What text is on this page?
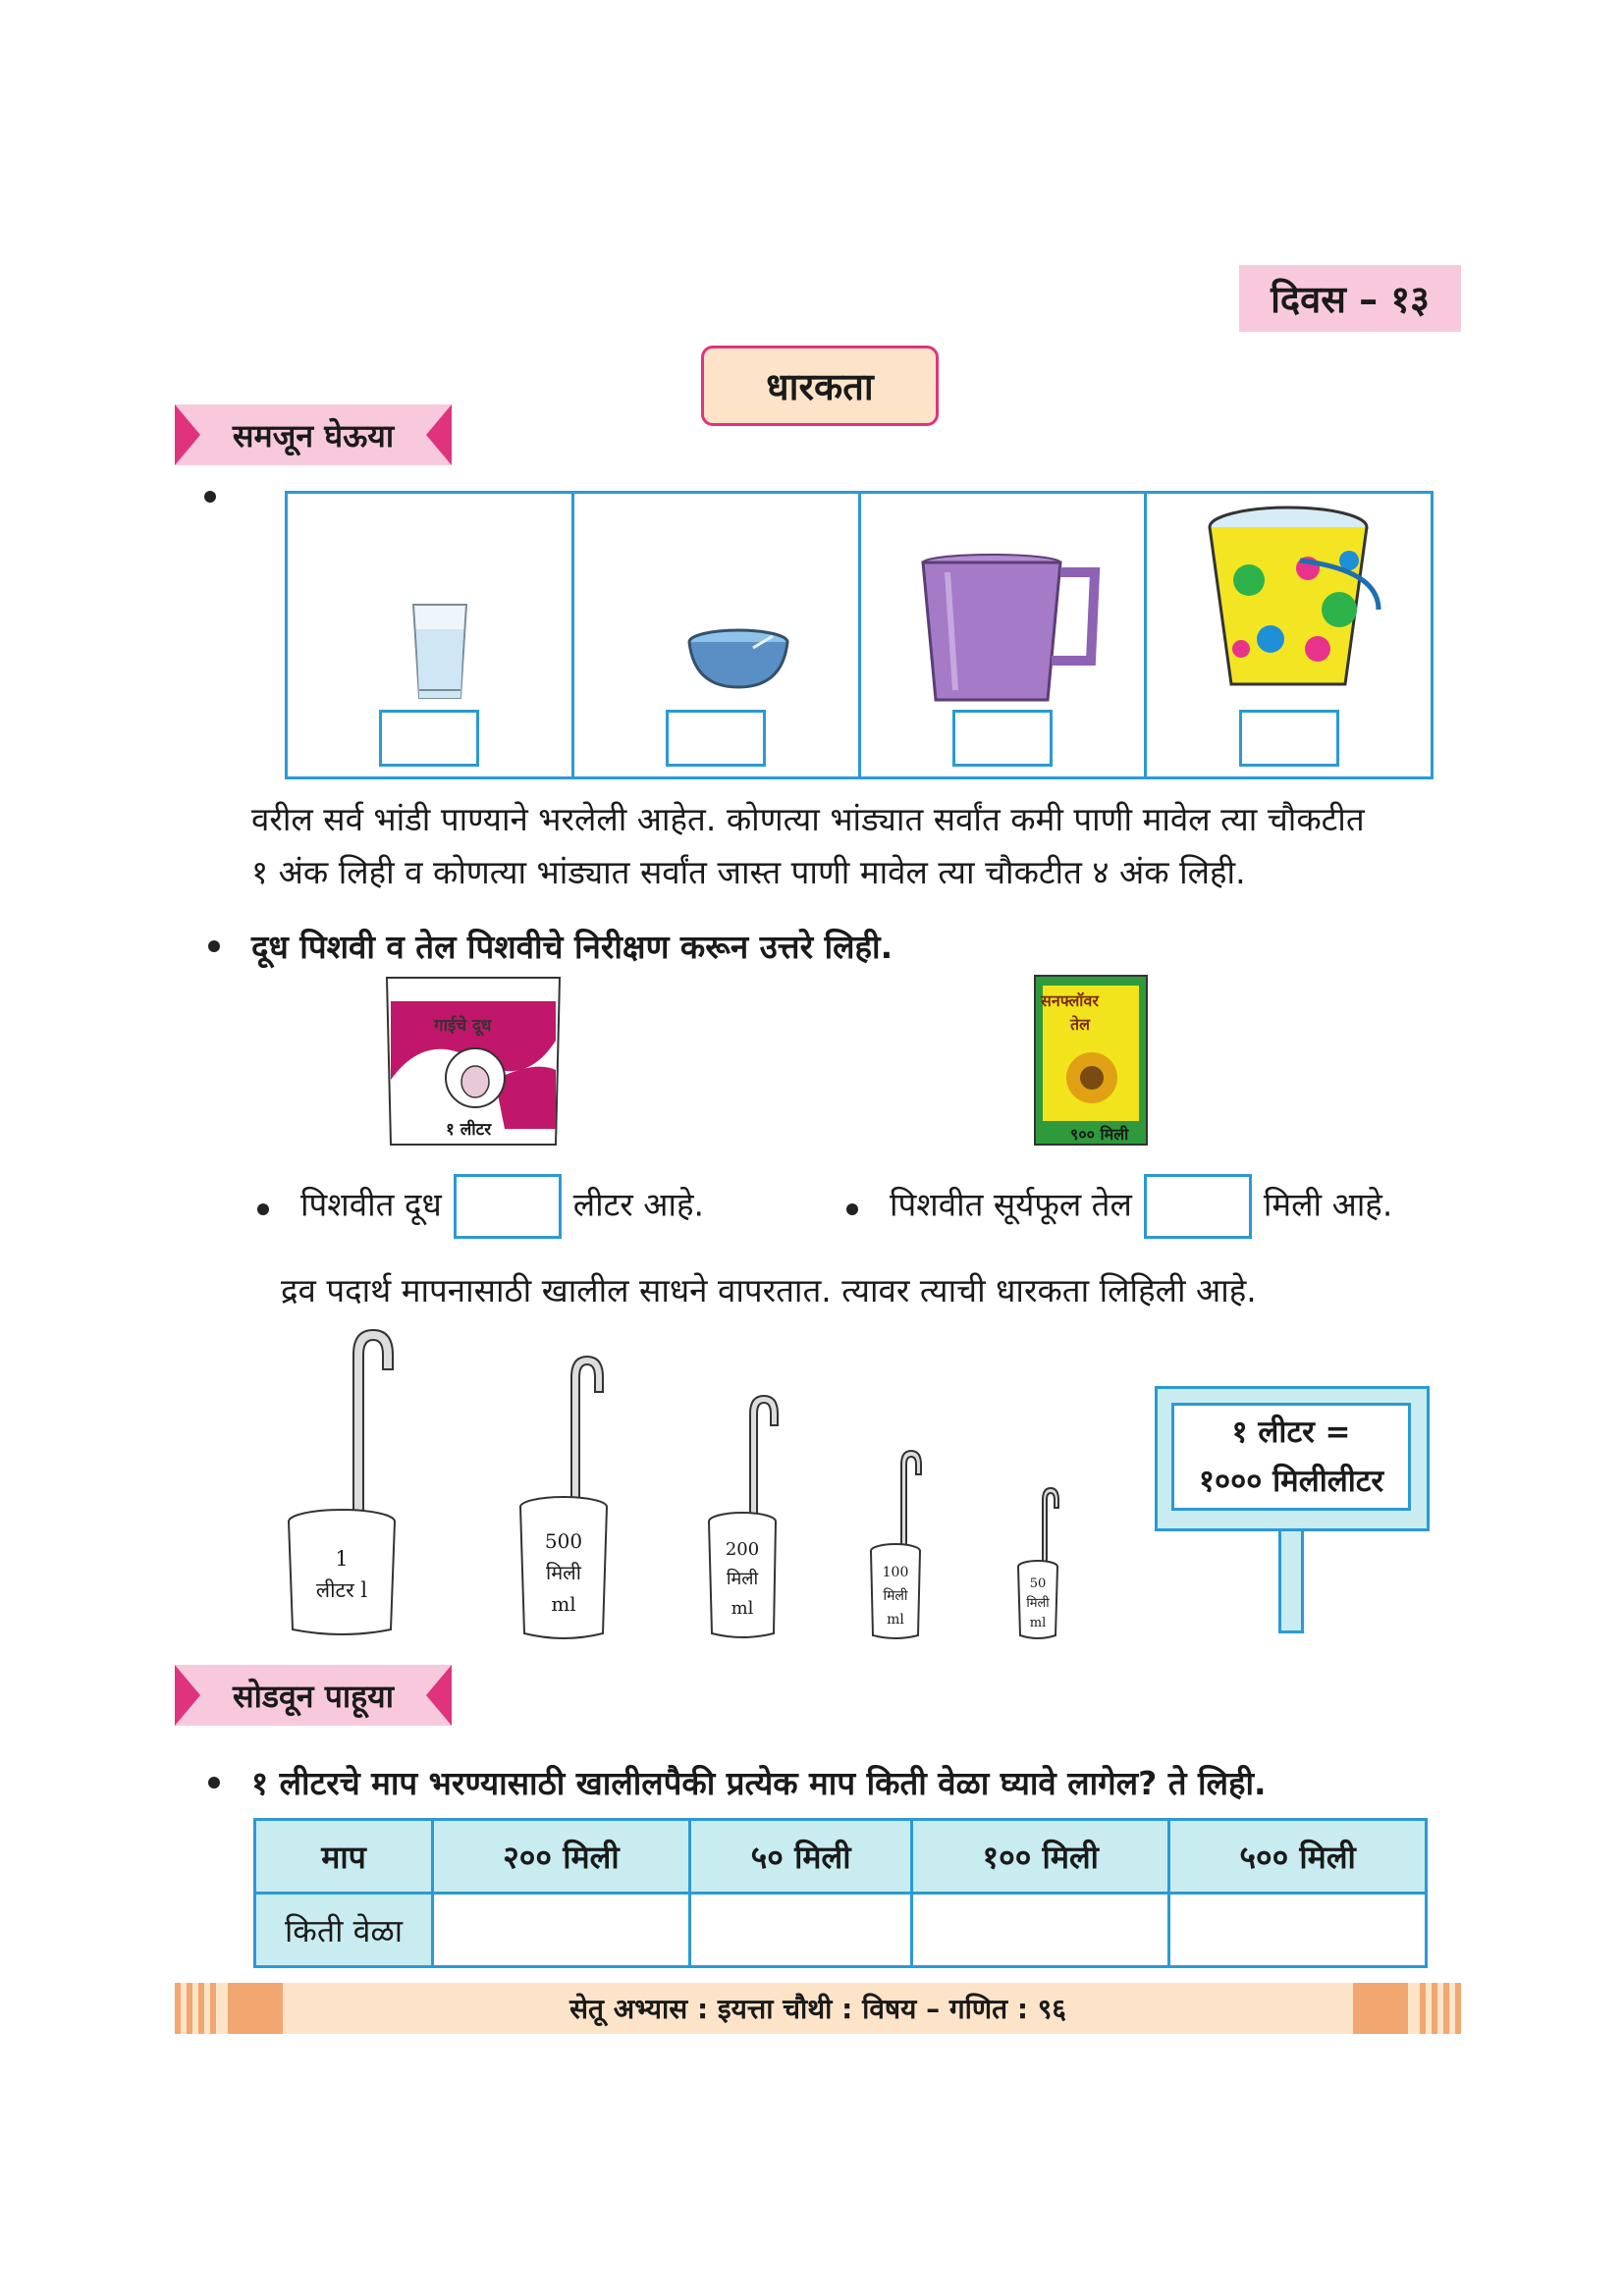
दिवस – १३
धारकता
समजून घेऊया
वरील सर्व भांडी पाण्याने भरलेली आहेत. कोणत्या भांड्यात सर्वांत कमी पाणी मावेल त्या चौकटीत
१ अंक लिही व कोणत्या भांड्यात सर्वांत जास्त पाणी मावेल त्या चौकटीत ४ अंक लिही.
दूध पिशवी व तेल पिशवीचे निरीक्षण करून उत्तरे लिही.
गाईचे दूध
१ लीटर
सनफ्लॉवर
तेल
९०० मिली
पिशवीत दूध	लीटर आहे.	पिशवीत सूर्यफूल तेल	मिली आहे.
द्रव पदार्थ मापनासाठी खालील साधने वापरतात. त्यावर त्याची धारकता लिहिली आहे.
1
लीटर l
500
मिली
ml
200
मिली
ml
100
मिली
ml
50
मिली
ml
१ लीटर =
१००० मिलीलीटर
सोडवून पाहूया
१ लीटरचे माप भरण्यासाठी खालीलपैकी प्रत्येक माप किती वेळा घ्यावे लागेल? ते लिही.
माप	२०० मिली	५० मिली	१०० मिली	५०० मिली
किती वेळा				
सेतू अभ्यास : इयत्ता चौथी : विषय – गणित : ९६
